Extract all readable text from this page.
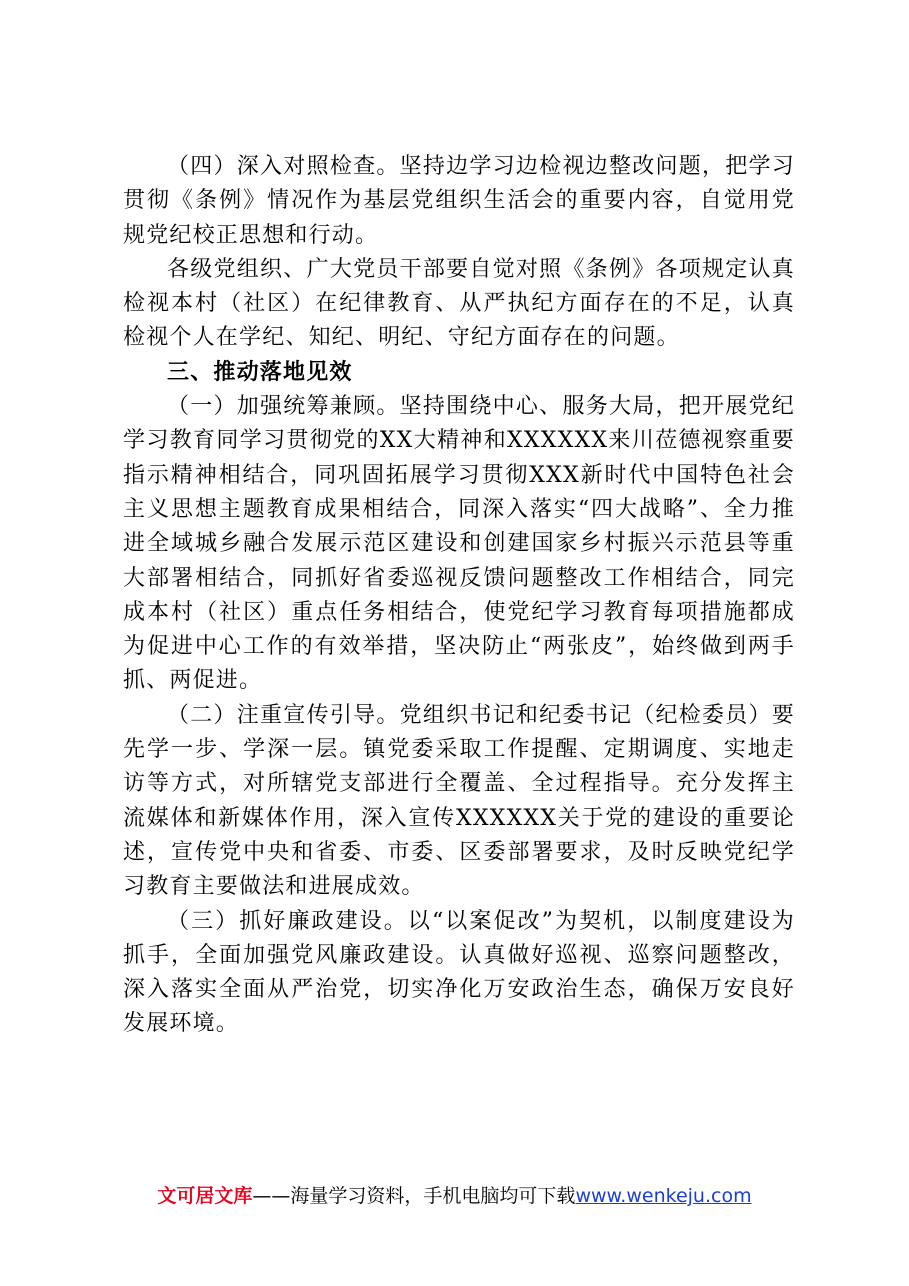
（四）深入对照检查。坚持边学习边检视边整改问题，把学习贯彻《条例》情况作为基层党组织生活会的重要内容，自觉用党规党纪校正思想和行动。

各级党组织、广大党员干部要自觉对照《条例》各项规定认真检视本村（社区）在纪律教育、从严执纪方面存在的不足，认真检视个人在学纪、知纪、明纪、守纪方面存在的问题。

三、推动落地见效

（一）加强统筹兼顾。坚持围绕中心、服务大局，把开展党纪学习教育同学习贯彻党的XX大精神和XXXXXX来川莅德视察重要指示精神相结合，同巩固拓展学习贯彻XXX新时代中国特色社会主义思想主题教育成果相结合，同深入落实“四大战略”、全力推进全域城乡融合发展示范区建设和创建国家乡村振兴示范县等重大部署相结合，同抓好省委巡视反馈问题整改工作相结合，同完成本村（社区）重点任务相结合，使党纪学习教育每项措施都成为促进中心工作的有效举措，坚决防止“两张皮”，始终做到两手抓、两促进。

（二）注重宣传引导。党组织书记和纪委书记（纪检委员）要先学一步、学深一层。镇党委采取工作提醒、定期调度、实地走访等方式，对所辖党支部进行全覆盖、全过程指导。充分发挥主流媒体和新媒体作用，深入宣传XXXXXX关于党的建设的重要论述，宣传党中央和省委、市委、区委部署要求，及时反映党纪学习教育主要做法和进展成效。

（三）抓好廉政建设。以“以案促改”为契机，以制度建设为抓手，全面加强党风廉政建设。认真做好巡视、巡察问题整改，深入落实全面从严治党，切实净化万安政治生态，确保万安良好发展环境。

文可居文库——海量学习资料，手机电脑均可下载www.wenkeju.com
